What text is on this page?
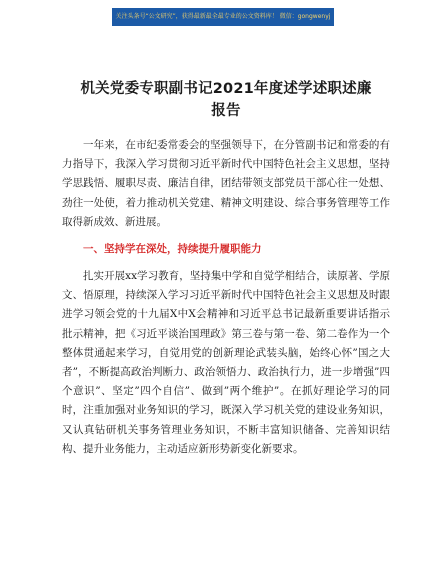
关注头条号“公文研究”，获得最新最全最专业的公文资料库！ 微信：gongwenyj
机关党委专职副书记2021年度述学述职述廉
报告

一年来，在市纪委常委会的坚强领导下，在分管副书记和常委的有力指导下，我深入学习贯彻习近平新时代中国特色社会主义思想，坚持学思践悟、履职尽责、廉洁自律，团结带领支部党员干部心往一处想、劲往一处使，着力推动机关党建、精神文明建设、综合事务管理等工作取得新成效、新进展。

一、坚持学在深处，持续提升履职能力

扎实开展xx学习教育，坚持集中学和自觉学相结合，读原著、学原文、悟原理，持续深入学习习近平新时代中国特色社会主义思想及时跟进学习领会党的十九届X中X会精神和习近平总书记最新重要讲话指示批示精神，把《习近平谈治国理政》第三卷与第一卷、第二卷作为一个整体贯通起来学习，自觉用党的创新理论武装头脑，始终心怀”国之大者”，不断提高政治判断力、政治领悟力、政治执行力，进一步增强”四个意识”、坚定”四个自信”、做到”两个维护”。在抓好理论学习的同时，注重加强对业务知识的学习，既深入学习机关党的建设业务知识，又认真钻研机关事务管理业务知识，不断丰富知识储备、完善知识结构、提升业务能力，主动适应新形势新变化新要求。
